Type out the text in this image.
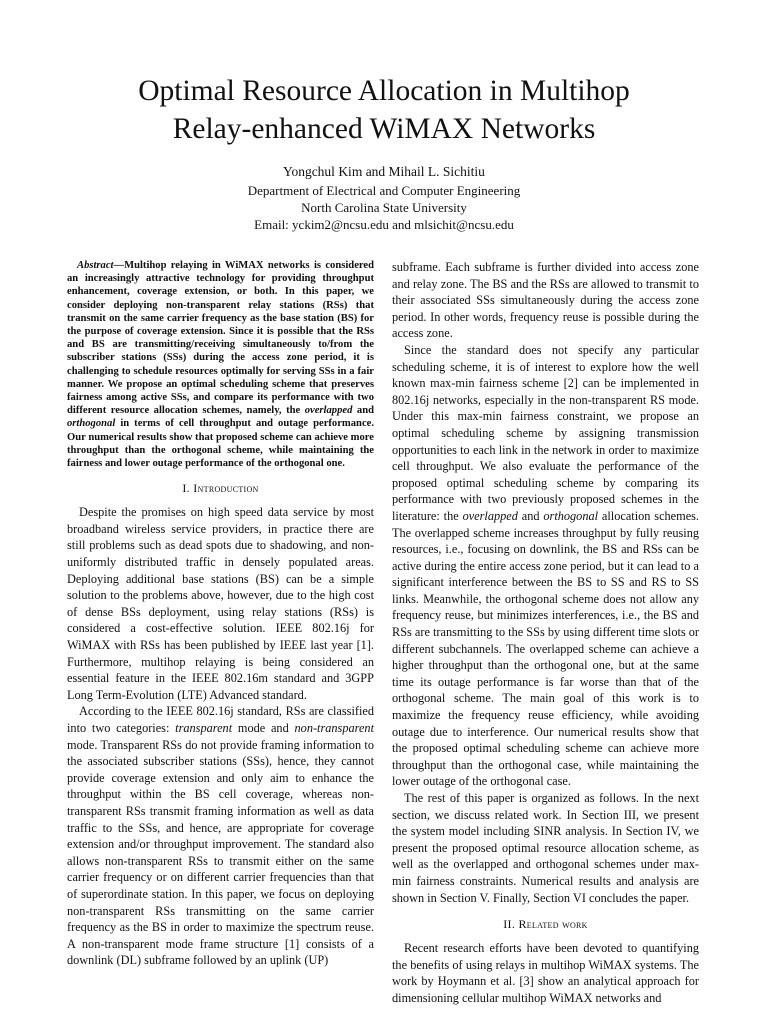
Optimal Resource Allocation in Multihop
Relay-enhanced WiMAX Networks
Yongchul Kim and Mihail L. Sichitiu
Department of Electrical and Computer Engineering
North Carolina State University
Email: yckim2@ncsu.edu and mlsichit@ncsu.edu

Abstract—Multihop relaying in WiMAX networks is considered an increasingly attractive technology for providing throughput enhancement, coverage extension, or both. In this paper, we consider deploying non-transparent relay stations (RSs) that transmit on the same carrier frequency as the base station (BS) for the purpose of coverage extension. Since it is possible that the RSs and BS are transmitting/receiving simultaneously to/from the subscriber stations (SSs) during the access zone period, it is challenging to schedule resources optimally for serving SSs in a fair manner. We propose an optimal scheduling scheme that preserves fairness among active SSs, and compare its performance with two different resource allocation schemes, namely, the overlapped and orthogonal in terms of cell throughput and outage performance. Our numerical results show that proposed scheme can achieve more throughput than the orthogonal scheme, while maintaining the fairness and lower outage performance of the orthogonal one.

I. Introduction

Despite the promises on high speed data service by most broadband wireless service providers, in practice there are still problems such as dead spots due to shadowing, and non-uniformly distributed traffic in densely populated areas. Deploying additional base stations (BS) can be a simple solution to the problems above, however, due to the high cost of dense BSs deployment, using relay stations (RSs) is considered a cost-effective solution. IEEE 802.16j for WiMAX with RSs has been published by IEEE last year [1]. Furthermore, multihop relaying is being considered an essential feature in the IEEE 802.16m standard and 3GPP Long Term-Evolution (LTE) Advanced standard.

According to the IEEE 802.16j standard, RSs are classified into two categories: transparent mode and non-transparent mode. Transparent RSs do not provide framing information to the associated subscriber stations (SSs), hence, they cannot provide coverage extension and only aim to enhance the throughput within the BS cell coverage, whereas non-transparent RSs transmit framing information as well as data traffic to the SSs, and hence, are appropriate for coverage extension and/or throughput improvement. The standard also allows non-transparent RSs to transmit either on the same carrier frequency or on different carrier frequencies than that of superordinate station. In this paper, we focus on deploying non-transparent RSs transmitting on the same carrier frequency as the BS in order to maximize the spectrum reuse. A non-transparent mode frame structure [1] consists of a downlink (DL) subframe followed by an uplink (UP)

subframe. Each subframe is further divided into access zone and relay zone. The BS and the RSs are allowed to transmit to their associated SSs simultaneously during the access zone period. In other words, frequency reuse is possible during the access zone.

Since the standard does not specify any particular scheduling scheme, it is of interest to explore how the well known max-min fairness scheme [2] can be implemented in 802.16j networks, especially in the non-transparent RS mode. Under this max-min fairness constraint, we propose an optimal scheduling scheme by assigning transmission opportunities to each link in the network in order to maximize cell throughput. We also evaluate the performance of the proposed optimal scheduling scheme by comparing its performance with two previously proposed schemes in the literature: the overlapped and orthogonal allocation schemes. The overlapped scheme increases throughput by fully reusing resources, i.e., focusing on downlink, the BS and RSs can be active during the entire access zone period, but it can lead to a significant interference between the BS to SS and RS to SS links. Meanwhile, the orthogonal scheme does not allow any frequency reuse, but minimizes interferences, i.e., the BS and RSs are transmitting to the SSs by using different time slots or different subchannels. The overlapped scheme can achieve a higher throughput than the orthogonal one, but at the same time its outage performance is far worse than that of the orthogonal scheme. The main goal of this work is to maximize the frequency reuse efficiency, while avoiding outage due to interference. Our numerical results show that the proposed optimal scheduling scheme can achieve more throughput than the orthogonal case, while maintaining the lower outage of the orthogonal case.

The rest of this paper is organized as follows. In the next section, we discuss related work. In Section III, we present the system model including SINR analysis. In Section IV, we present the proposed optimal resource allocation scheme, as well as the overlapped and orthogonal schemes under max-min fairness constraints. Numerical results and analysis are shown in Section V. Finally, Section VI concludes the paper.

II. Related work

Recent research efforts have been devoted to quantifying the benefits of using relays in multihop WiMAX systems. The work by Hoymann et al. [3] show an analytical approach for dimensioning cellular multihop WiMAX networks and
